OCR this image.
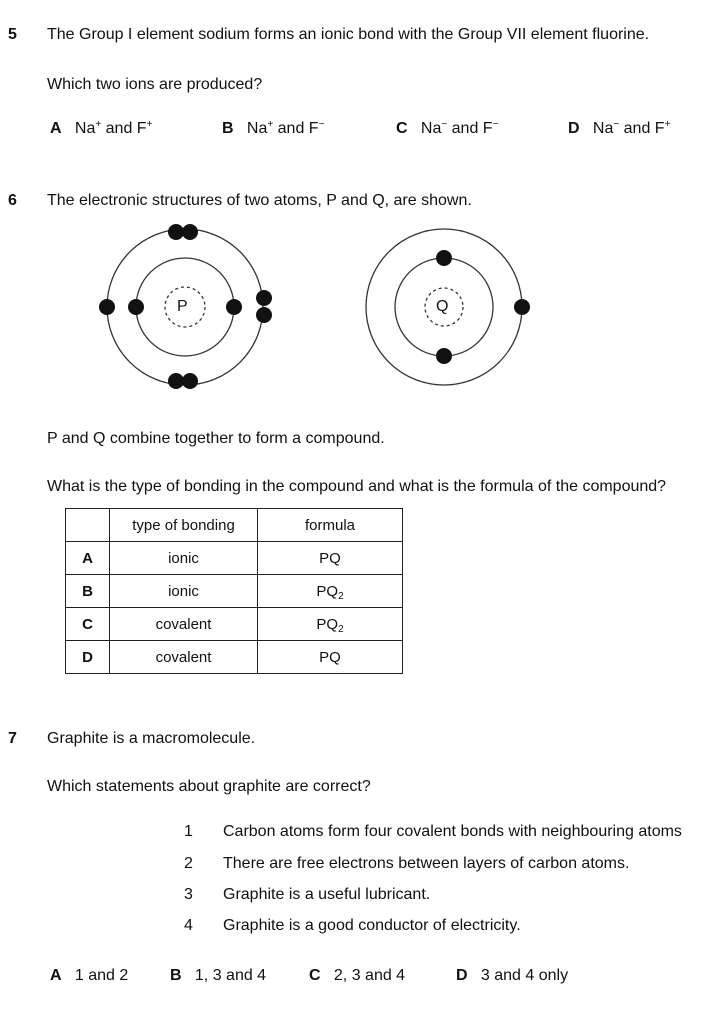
5 The Group I element sodium forms an ionic bond with the Group VII element fluorine.
Which two ions are produced?
A Na+ and F+	B Na+ and F−	C Na− and F−	D Na− and F+
6 The electronic structures of two atoms, P and Q, are shown.
P	Q
P and Q combine together to form a compound.
What is the type of bonding in the compound and what is the formula of the compound?
	type of bonding	formula
A	ionic	PQ
B	ionic	$PQ_2$
C	covalent	$PQ_2$
D	covalent	PQ
7 Graphite is a macromolecule.
Which statements about graphite are correct?
1 Carbon atoms form four covalent bonds with neighbouring atoms
2 There are free electrons between layers of carbon atoms.
3 Graphite is a useful lubricant.
4 Graphite is a good conductor of electricity.
A 1 and 2	B 1, 3 and 4	C 2, 3 and 4	D 3 and 4 only
